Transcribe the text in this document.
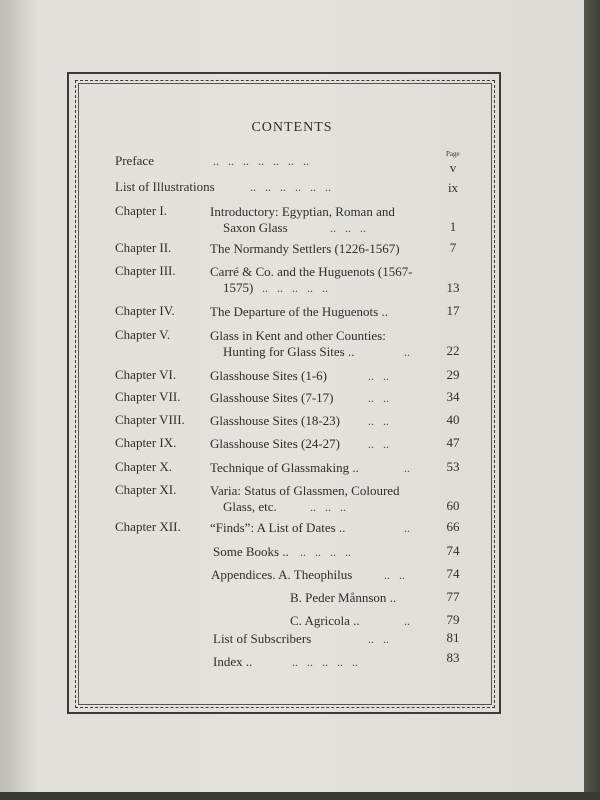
CONTENTS
Page
Preface	..   ..   ..   ..   ..   ..   ..	v
List of Illustrations	..   ..   ..   ..   ..   ..	ix
Chapter I.	Introductory: Egyptian, Roman and
Saxon Glass	..   ..   ..	1
Chapter II.	The Normandy Settlers (1226-1567)	7
Chapter III.	Carré & Co. and the Huguenots (1567-
1575) ..   ..   ..   ..   ..	13
Chapter IV.	The Departure of the Huguenots ..	17
Chapter V.	Glass in Kent and other Counties:
Hunting for Glass Sites ..	..	22
Chapter VI.	Glasshouse Sites (1-6)	..   ..	29
Chapter VII. Glasshouse Sites (7-17)	..   ..	34
Chapter VIII. Glasshouse Sites (18-23) ..   ..	40
Chapter IX.	Glasshouse Sites (24-27) ..   ..	47
Chapter X.	Technique of Glassmaking ..	..	53
Chapter XI.	Varia: Status of Glassmen, Coloured
Glass, etc.	..   ..   ..	60
Chapter XII. “Finds”: A List of Dates ..	..	66
Some Books .. ..   ..   ..   ..	74
Appendices. A. Theophilus	..   ..	74
B. Peder Månnson ..	77
C. Agricola ..	..	79
List of Subscribers	..   ..	81
Index ..	..   ..   ..   ..   ..	83
